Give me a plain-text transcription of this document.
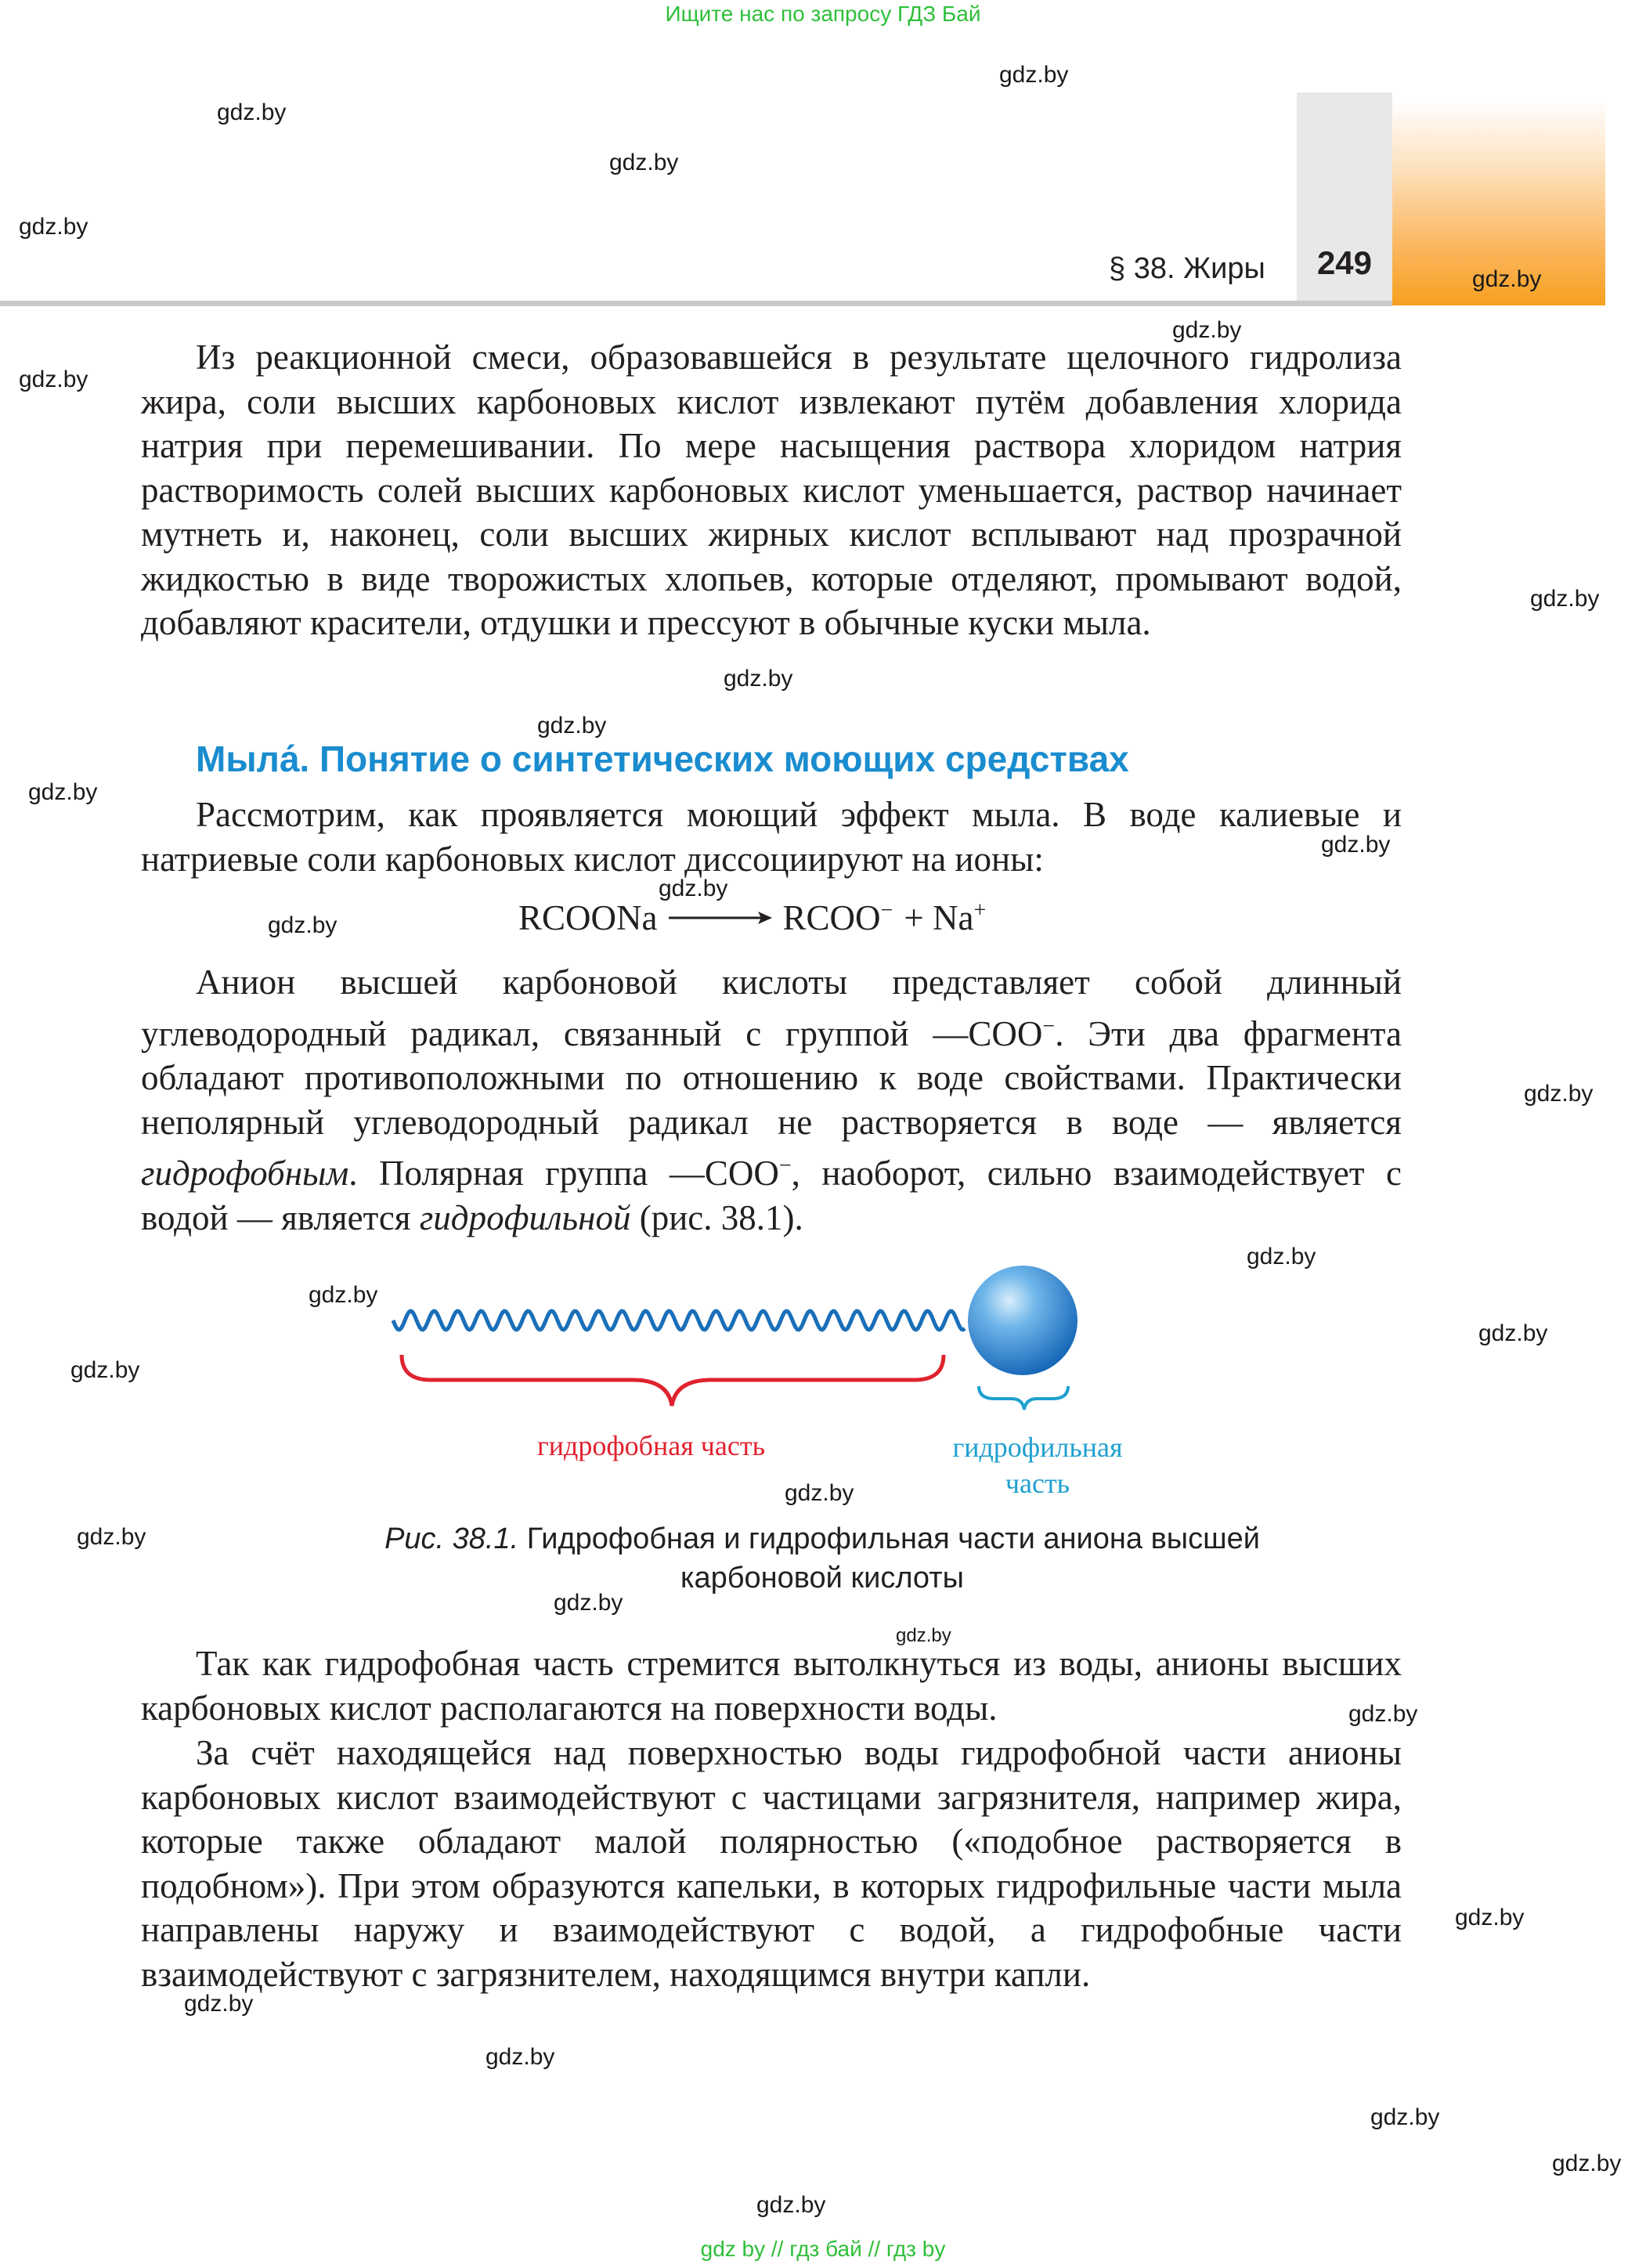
Ищите нас по запросу ГДЗ Бай
gdz by // гдз бай // гдз by
§ 38. Жиры	249

Из реакционной смеси, образовавшейся в результате щелочного гидролиза жира, соли высших карбоновых кислот извлекают путём добавления хлорида натрия при перемешивании. По мере насыщения раствора хлоридом натрия растворимость солей высших карбоновых кислот уменьшается, раствор начинает мутнеть и, наконец, соли высших жирных кислот всплывают над прозрачной жидкостью в виде творожистых хлопьев, которые отделяют, промывают водой, добавляют красители, отдушки и прессуют в обычные куски мыла.

Мыла́. Понятие о синтетических моющих средствах

Рассмотрим, как проявляется моющий эффект мыла. В воде калиевые и натриевые соли карбоновых кислот диссоциируют на ионы:

RCOONa → RCOO− + Na+

Анион высшей карбоновой кислоты представляет собой длинный углеводородный радикал, связанный с группой —COO−. Эти два фрагмента обладают противоположными по отношению к воде свойствами. Практически неполярный углеводородный радикал не растворяется в воде — является гидрофобным. Полярная группа —COO−, наоборот, сильно взаимодействует с водой — является гидрофильной (рис. 38.1).

гидрофобная часть	гидрофильная
часть
Рис. 38.1. Гидрофобная и гидрофильная части аниона высшей карбоновой кислоты

Так как гидрофобная часть стремится вытолкнуться из воды, анионы высших карбоновых кислот располагаются на поверхности воды.

За счёт находящейся над поверхностью воды гидрофобной части анионы карбоновых кислот взаимодействуют с частицами загрязнителя, например жира, которые также обладают малой полярностью («подобное растворяется в подобном»). При этом образуются капельки, в которых гидрофильные части мыла направлены наружу и взаимодействуют с водой, а гидрофобные части взаимодействуют с загрязнителем, находящимся внутри капли.

gdz.by
gdz.by
gdz.by
gdz.by
gdz.by
gdz.by
gdz.by
gdz.by
gdz.by
gdz.by
gdz.by
gdz.by
gdz.by
gdz.by
gdz.by
gdz.by
gdz.by
gdz.by
gdz.by
gdz.by
gdz.by
gdz.by
gdz.by
gdz.by
gdz.by
gdz.by
gdz.by
gdz.by
gdz.by
gdz.by
